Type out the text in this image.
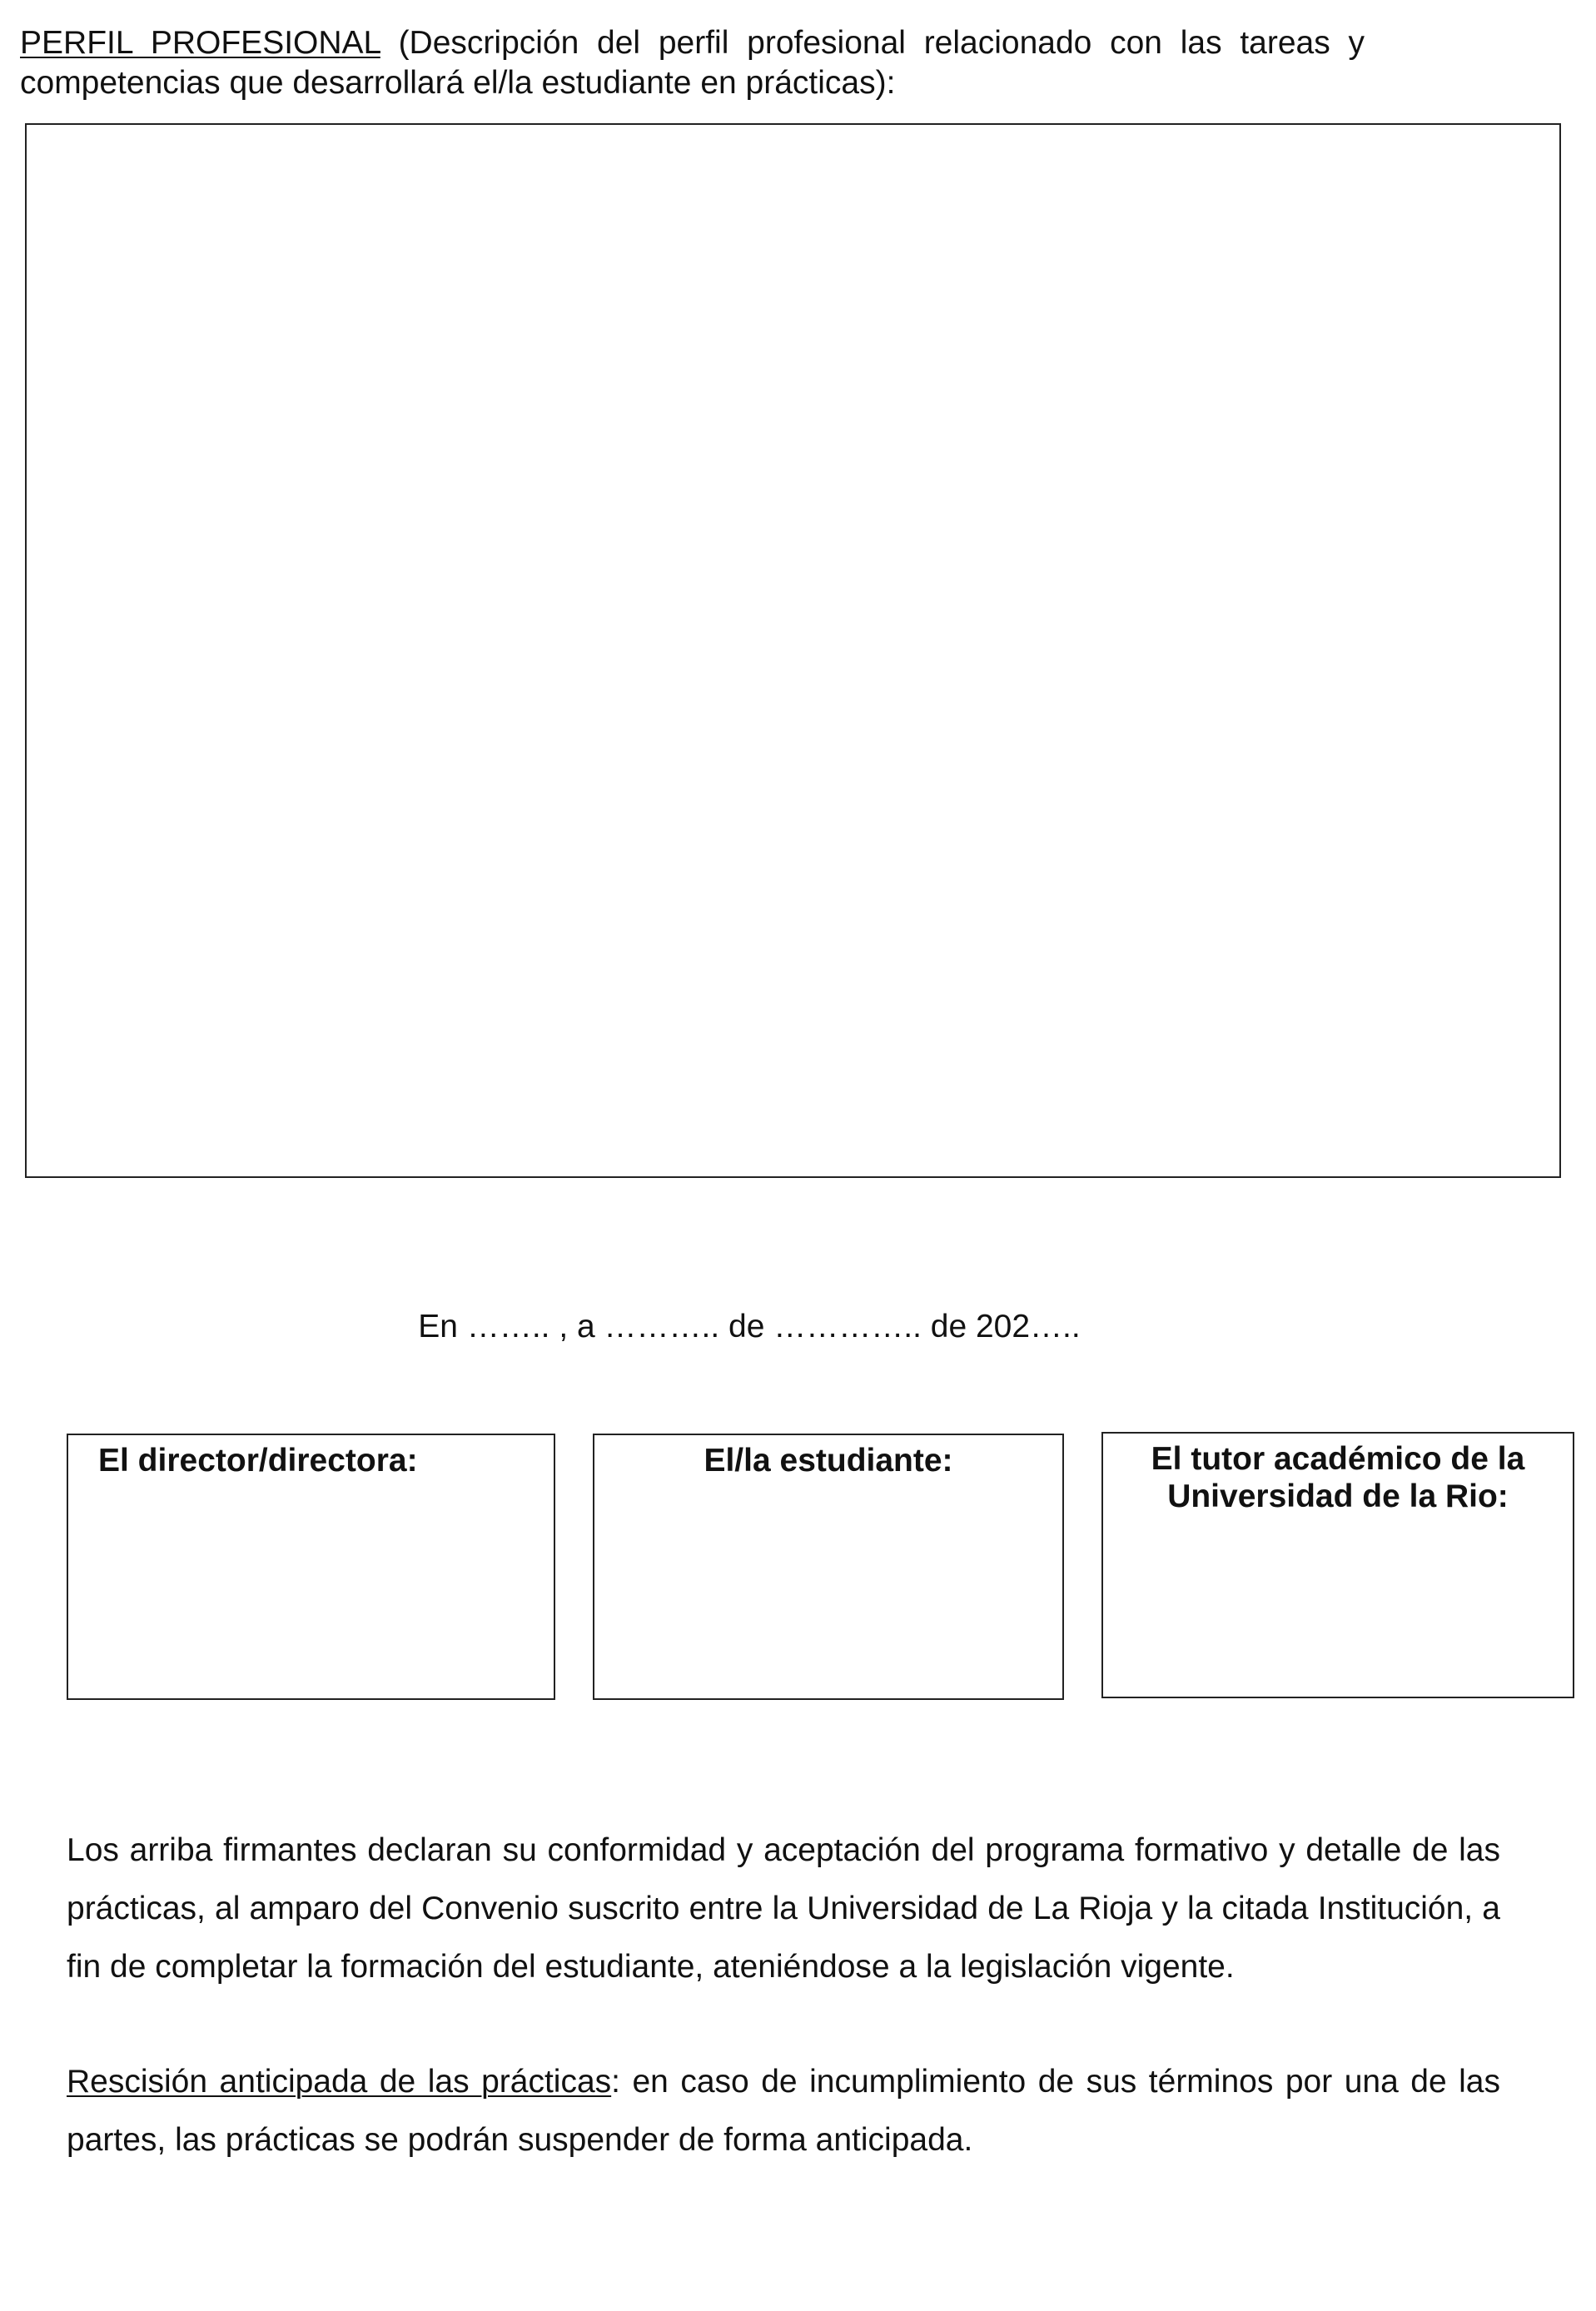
PERFIL PROFESIONAL (Descripción del perfil profesional relacionado con las tareas y competencias que desarrollará el/la estudiante en prácticas):

En …….. , a ……….. de ………….. de 202…..

El director/directora:	El/la estudiante:	El tutor académico de la
Universidad de la Rio:

Los arriba firmantes declaran su conformidad y aceptación del programa formativo y detalle de las prácticas, al amparo del Convenio suscrito entre la Universidad de La Rioja y la citada Institución, a fin de completar la formación del estudiante, ateniéndose a la legislación vigente.

Rescisión anticipada de las prácticas: en caso de incumplimiento de sus términos por una de las partes, las prácticas se podrán suspender de forma anticipada.
